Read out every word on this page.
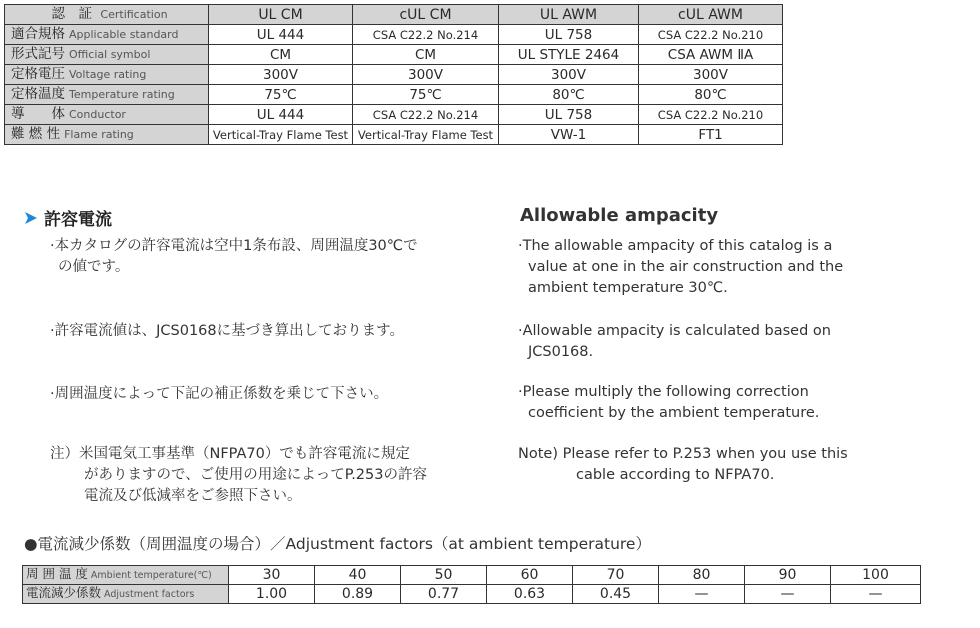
認　証 Certification	UL CM	cUL CM	UL AWM	cUL AWM
適合規格 Applicable standard	UL 444	CSA C22.2 No.214	UL 758	CSA C22.2 No.210
形式記号 Official symbol	CM	CM	UL STYLE 2464	CSA AWM ⅡA
定格電圧 Voltage rating	300V	300V	300V	300V
定格温度 Temperature rating	75℃	75℃	80℃	80℃
導　　体 Conductor	UL 444	CSA C22.2 No.214	UL 758	CSA C22.2 No.210
難 燃 性 Flame rating	Vertical-Tray Flame Test	Vertical-Tray Flame Test	VW-1	FT1
許容電流	Allowable ampacity
·本カタログの許容電流は空中1条布設、周囲温度30℃で
の値です。
·許容電流値は、JCS0168に基づき算出しております。
·周囲温度によって下記の補正係数を乗じて下さい。
注）米国電気工事基準（NFPA70）でも許容電流に規定
がありますので、ご使用の用途によってP.253の許容
電流及び低減率をご参照下さい。
·The allowable ampacity of this catalog is a
value at one in the air construction and the
ambient temperature 30℃.
·Allowable ampacity is calculated based on
JCS0168.
·Please multiply the following correction
coefficient by the ambient temperature.
Note) Please refer to P.253 when you use this
cable according to NFPA70.
●電流減少係数（周囲温度の場合）／Adjustment factors（at ambient temperature）
周 囲 温 度 Ambient temperature(℃)	30	40	50	60	70	80	90	100
電流減少係数 Adjustment factors	1.00	0.89	0.77	0.63	0.45	—	—	—
